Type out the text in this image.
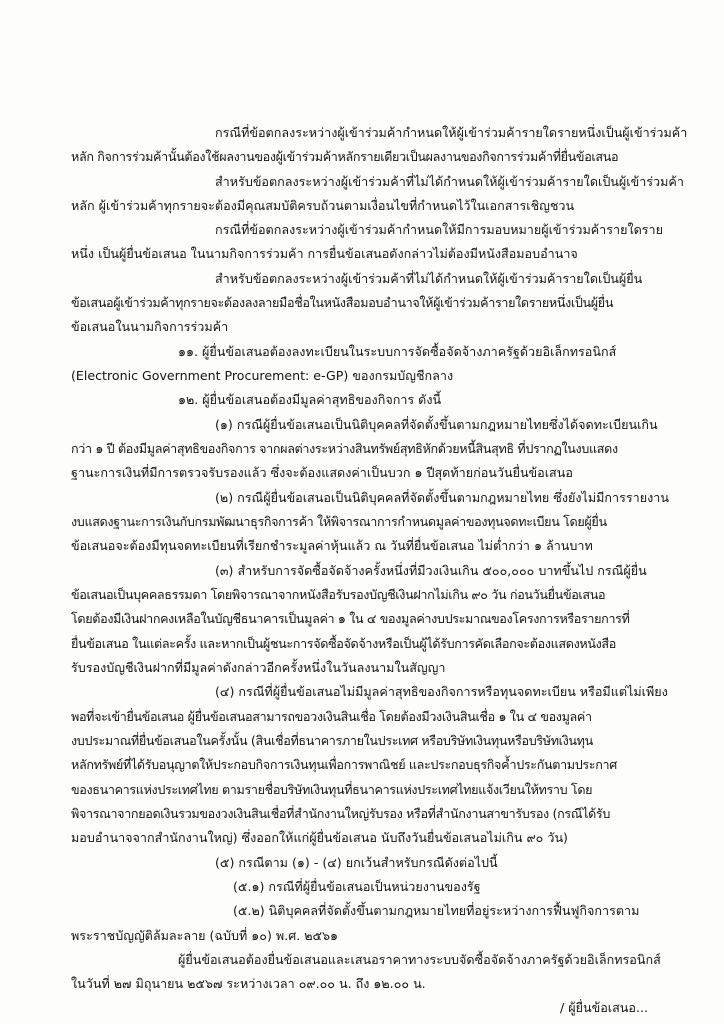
กรณีที่ข้อตกลงระหว่างผู้เข้าร่วมค้ากำหนดให้ผู้เข้าร่วมค้ารายใดรายหนึ่งเป็นผู้เข้าร่วมค้า

หลัก กิจการร่วมค้านั้นต้องใช้ผลงานของผู้เข้าร่วมค้าหลักรายเดียวเป็นผลงานของกิจการร่วมค้าที่ยื่นข้อเสนอ

สำหรับข้อตกลงระหว่างผู้เข้าร่วมค้าที่ไม่ได้กำหนดให้ผู้เข้าร่วมค้ารายใดเป็นผู้เข้าร่วมค้า

หลัก ผู้เข้าร่วมค้าทุกรายจะต้องมีคุณสมบัติครบถ้วนตามเงื่อนไขที่กำหนดไว้ในเอกสารเชิญชวน

กรณีที่ข้อตกลงระหว่างผู้เข้าร่วมค้ากำหนดให้มีการมอบหมายผู้เข้าร่วมค้ารายใดราย

หนึ่ง เป็นผู้ยื่นข้อเสนอ ในนามกิจการร่วมค้า การยื่นข้อเสนอดังกล่าวไม่ต้องมีหนังสือมอบอำนาจ

สำหรับข้อตกลงระหว่างผู้เข้าร่วมค้าที่ไม่ได้กำหนดให้ผู้เข้าร่วมค้ารายใดเป็นผู้ยื่น

ข้อเสนอผู้เข้าร่วมค้าทุกรายจะต้องลงลายมือชื่อในหนังสือมอบอำนาจให้ผู้เข้าร่วมค้ารายใดรายหนึ่งเป็นผู้ยื่น

ข้อเสนอในนามกิจการร่วมค้า

๑๑. ผู้ยื่นข้อเสนอต้องลงทะเบียนในระบบการจัดซื้อจัดจ้างภาครัฐด้วยอิเล็กทรอนิกส์

(Electronic Government Procurement: e-GP) ของกรมบัญชีกลาง

๑๒. ผู้ยื่นข้อเสนอต้องมีมูลค่าสุทธิของกิจการ ดังนี้

(๑) กรณีผู้ยื่นข้อเสนอเป็นนิติบุคคลที่จัดตั้งขึ้นตามกฎหมายไทยซึ่งได้จดทะเบียนเกิน

กว่า ๑ ปี ต้องมีมูลค่าสุทธิของกิจการ จากผลต่างระหว่างสินทรัพย์สุทธิหักด้วยหนี้สินสุทธิ ที่ปรากฏในงบแสดง

ฐานะการเงินที่มีการตรวจรับรองแล้ว ซึ่งจะต้องแสดงค่าเป็นบวก ๑ ปีสุดท้ายก่อนวันยื่นข้อเสนอ

(๒) กรณีผู้ยื่นข้อเสนอเป็นนิติบุคคลที่จัดตั้งขึ้นตามกฎหมายไทย ซึ่งยังไม่มีการรายงาน

งบแสดงฐานะการเงินกับกรมพัฒนาธุรกิจการค้า ให้พิจารณาการกำหนดมูลค่าของทุนจดทะเบียน โดยผู้ยื่น

ข้อเสนอจะต้องมีทุนจดทะเบียนที่เรียกชำระมูลค่าหุ้นแล้ว ณ วันที่ยื่นข้อเสนอ ไม่ต่ำกว่า ๑ ล้านบาท

(๓) สำหรับการจัดซื้อจัดจ้างครั้งหนึ่งที่มีวงเงินเกิน ๕๐๐,๐๐๐ บาทขึ้นไป กรณีผู้ยื่น

ข้อเสนอเป็นบุคคลธรรมดา โดยพิจารณาจากหนังสือรับรองบัญชีเงินฝากไม่เกิน ๙๐ วัน ก่อนวันยื่นข้อเสนอ

โดยต้องมีเงินฝากคงเหลือในบัญชีธนาคารเป็นมูลค่า ๑ ใน ๔ ของมูลค่างบประมาณของโครงการหรือรายการที่

ยื่นข้อเสนอ ในแต่ละครั้ง และหากเป็นผู้ชนะการจัดซื้อจัดจ้างหรือเป็นผู้ได้รับการคัดเลือกจะต้องแสดงหนังสือ

รับรองบัญชีเงินฝากที่มีมูลค่าดังกล่าวอีกครั้งหนึ่งในวันลงนามในสัญญา

(๔) กรณีที่ผู้ยื่นข้อเสนอไม่มีมูลค่าสุทธิของกิจการหรือทุนจดทะเบียน หรือมีแต่ไม่เพียง

พอที่จะเข้ายื่นข้อเสนอ ผู้ยื่นข้อเสนอสามารถขอวงเงินสินเชื่อ โดยต้องมีวงเงินสินเชื่อ ๑ ใน ๔ ของมูลค่า

งบประมาณที่ยื่นข้อเสนอในครั้งนั้น (สินเชื่อที่ธนาคารภายในประเทศ หรือบริษัทเงินทุนหรือบริษัทเงินทุน

หลักทรัพย์ที่ได้รับอนุญาตให้ประกอบกิจการเงินทุนเพื่อการพาณิชย์ และประกอบธุรกิจค้ำประกันตามประกาศ

ของธนาคารแห่งประเทศไทย ตามรายชื่อบริษัทเงินทุนที่ธนาคารแห่งประเทศไทยแจ้งเวียนให้ทราบ โดย

พิจารณาจากยอดเงินรวมของวงเงินสินเชื่อที่สำนักงานใหญ่รับรอง หรือที่สำนักงานสาขารับรอง (กรณีได้รับ

มอบอำนาจจากสำนักงานใหญ่) ซึ่งออกให้แก่ผู้ยื่นข้อเสนอ นับถึงวันยื่นข้อเสนอไม่เกิน ๙๐ วัน)

(๕) กรณีตาม (๑) - (๔) ยกเว้นสำหรับกรณีดังต่อไปนี้

(๕.๑) กรณีที่ผู้ยื่นข้อเสนอเป็นหน่วยงานของรัฐ

(๕.๒) นิติบุคคลที่จัดตั้งขึ้นตามกฎหมายไทยที่อยู่ระหว่างการฟื้นฟูกิจการตาม

พระราชบัญญัติล้มละลาย (ฉบับที่ ๑๐) พ.ศ. ๒๕๖๑

ผู้ยื่นข้อเสนอต้องยื่นข้อเสนอและเสนอราคาทางระบบจัดซื้อจัดจ้างภาครัฐด้วยอิเล็กทรอนิกส์

ในวันที่ ๒๗ มิถุนายน ๒๕๖๗ ระหว่างเวลา ๐๙.๐๐ น. ถึง ๑๒.๐๐ น.

/ ผู้ยื่นข้อเสนอ...
